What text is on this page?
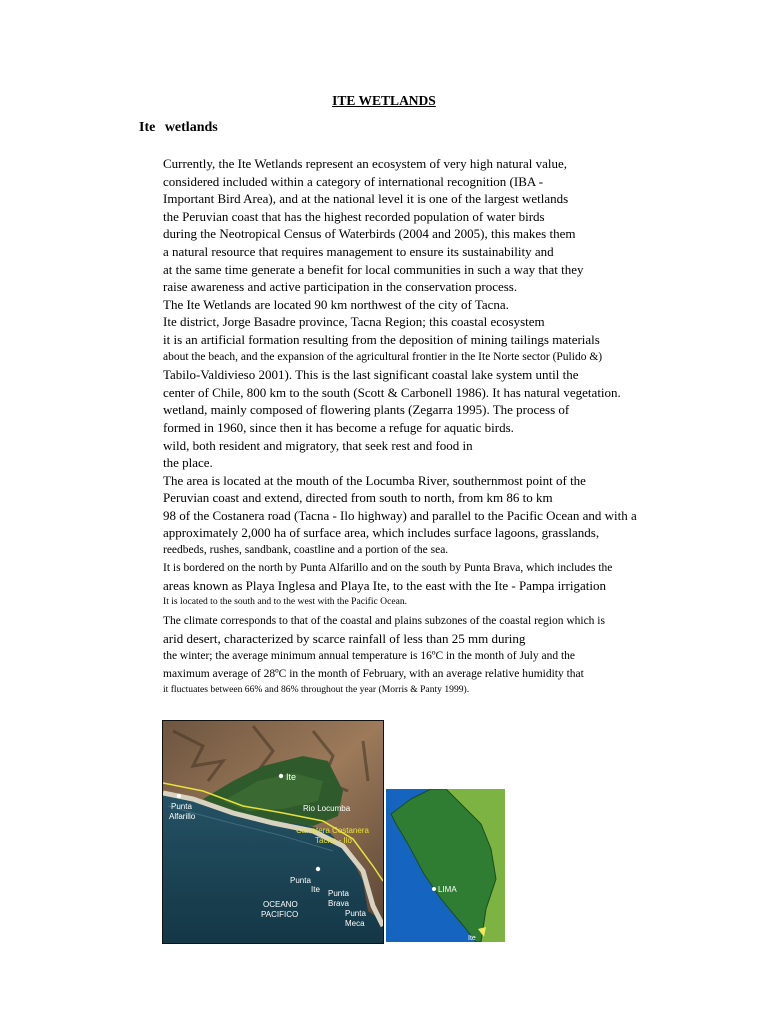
ITE WETLANDS
Ite wetlands
Currently, the Ite Wetlands represent an ecosystem of very high natural value,
considered included within a category of international recognition (IBA -
Important Bird Area), and at the national level it is one of the largest wetlands
the Peruvian coast that has the highest recorded population of water birds
during the Neotropical Census of Waterbirds (2004 and 2005), this makes them
a natural resource that requires management to ensure its sustainability and
at the same time generate a benefit for local communities in such a way that they
raise awareness and active participation in the conservation process.
The Ite Wetlands are located 90 km northwest of the city of Tacna.
Ite district, Jorge Basadre province, Tacna Region; this coastal ecosystem
it is an artificial formation resulting from the deposition of mining tailings materials
about the beach, and the expansion of the agricultural frontier in the Ite Norte sector (Pulido &)
Tabilo-Valdivieso 2001). This is the last significant coastal lake system until the
center of Chile, 800 km to the south (Scott & Carbonell 1986). It has natural vegetation.
wetland, mainly composed of flowering plants (Zegarra 1995). The process of
formed in 1960, since then it has become a refuge for aquatic birds.
wild, both resident and migratory, that seek rest and food in
the place.
The area is located at the mouth of the Locumba River, southernmost point of the
Peruvian coast and extend, directed from south to north, from km 86 to km
98 of the Costanera road (Tacna - Ilo highway) and parallel to the Pacific Ocean and with a
approximately 2,000 ha of surface area, which includes surface lagoons, grasslands,
reedbeds, rushes, sandbank, coastline and a portion of the sea.
It is bordered on the north by Punta Alfarillo and on the south by Punta Brava, which includes the
areas known as Playa Inglesa and Playa Ite, to the east with the Ite - Pampa irrigation
It is located to the south and to the west with the Pacific Ocean.
The climate corresponds to that of the coastal and plains subzones of the coastal region which is
arid desert, characterized by scarce rainfall of less than 25 mm during
the winter; the average minimum annual temperature is 16ºC in the month of July and the
maximum average of 28ºC in the month of February, with an average relative humidity that
it fluctuates between 66% and 86% throughout the year (Morris & Panty 1999).
Ite
Punta
Alfarillo
Rio Locumba
Carretera Costanera
Tacna - Ilo
Punta
Ite Punta
Brava
OCEANO
PACIFICO	Punta
Meca
LIMA
Ite
